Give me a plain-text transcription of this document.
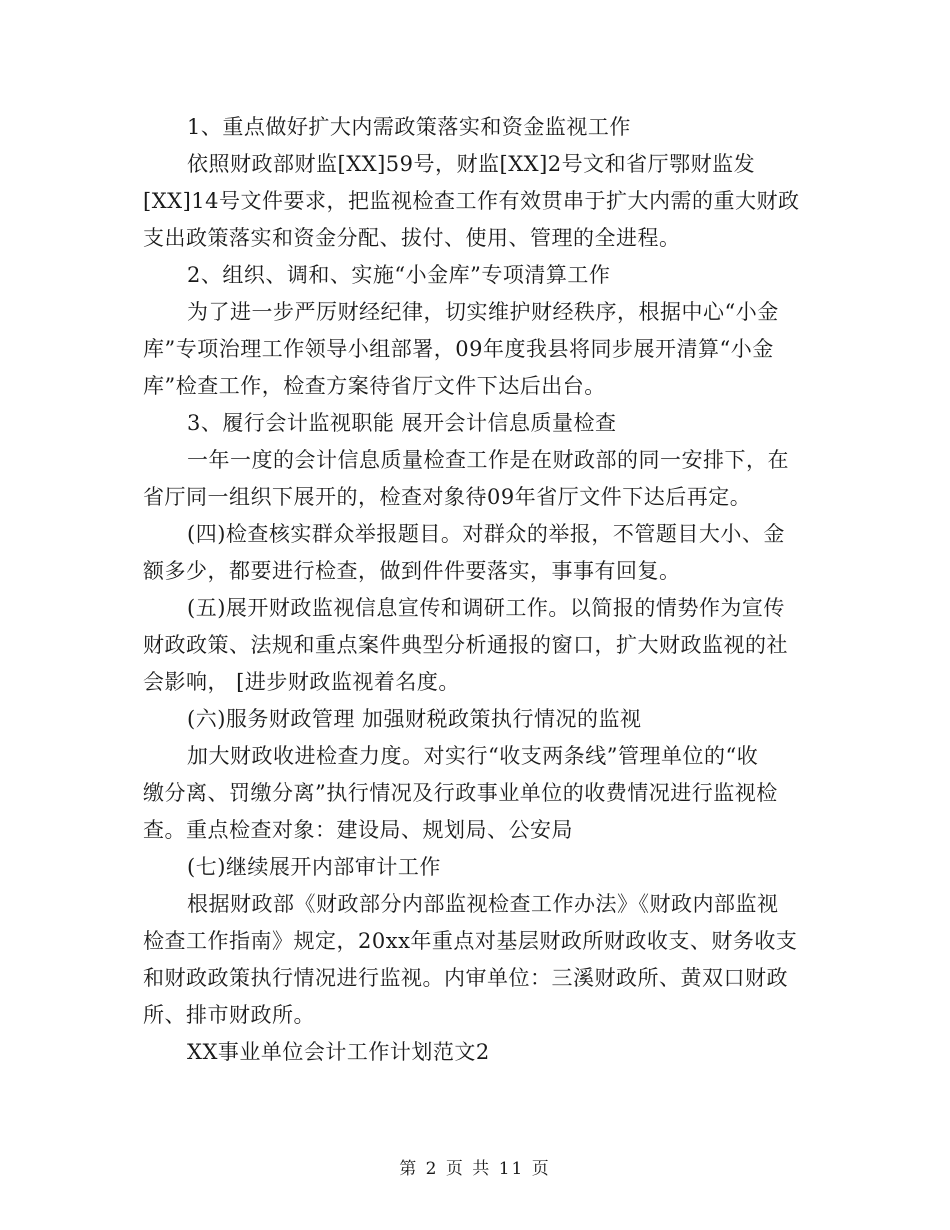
1、重点做好扩大内需政策落实和资金监视工作
依照财政部财监[XX]59号，财监[XX]2号文和省厅鄂财监发
[XX]14号文件要求，把监视检查工作有效贯串于扩大内需的重大财政
支出政策落实和资金分配、拔付、使用、管理的全进程。
2、组织、调和、实施“小金库”专项清算工作
为了进一步严厉财经纪律，切实维护财经秩序，根据中心“小金
库”专项治理工作领导小组部署，09年度我县将同步展开清算“小金
库”检查工作，检查方案待省厅文件下达后出台。
3、履行会计监视职能 展开会计信息质量检查
一年一度的会计信息质量检查工作是在财政部的同一安排下，在
省厅同一组织下展开的，检查对象待09年省厅文件下达后再定。
(四)检查核实群众举报题目。对群众的举报，不管题目大小、金
额多少，都要进行检查，做到件件要落实，事事有回复。
(五)展开财政监视信息宣传和调研工作。以简报的情势作为宣传
财政政策、法规和重点案件典型分析通报的窗口，扩大财政监视的社
会影响， [进步财政监视着名度。
(六)服务财政管理 加强财税政策执行情况的监视
加大财政收进检查力度。对实行“收支两条线”管理单位的“收
缴分离、罚缴分离”执行情况及行政事业单位的收费情况进行监视检
查。重点检查对象：建设局、规划局、公安局
(七)继续展开内部审计工作
根据财政部《财政部分内部监视检查工作办法》《财政内部监视
检查工作指南》规定，20xx年重点对基层财政所财政收支、财务收支
和财政政策执行情况进行监视。内审单位：三溪财政所、黄双口财政
所、排市财政所。
XX事业单位会计工作计划范文2
第 2 页 共 11 页
